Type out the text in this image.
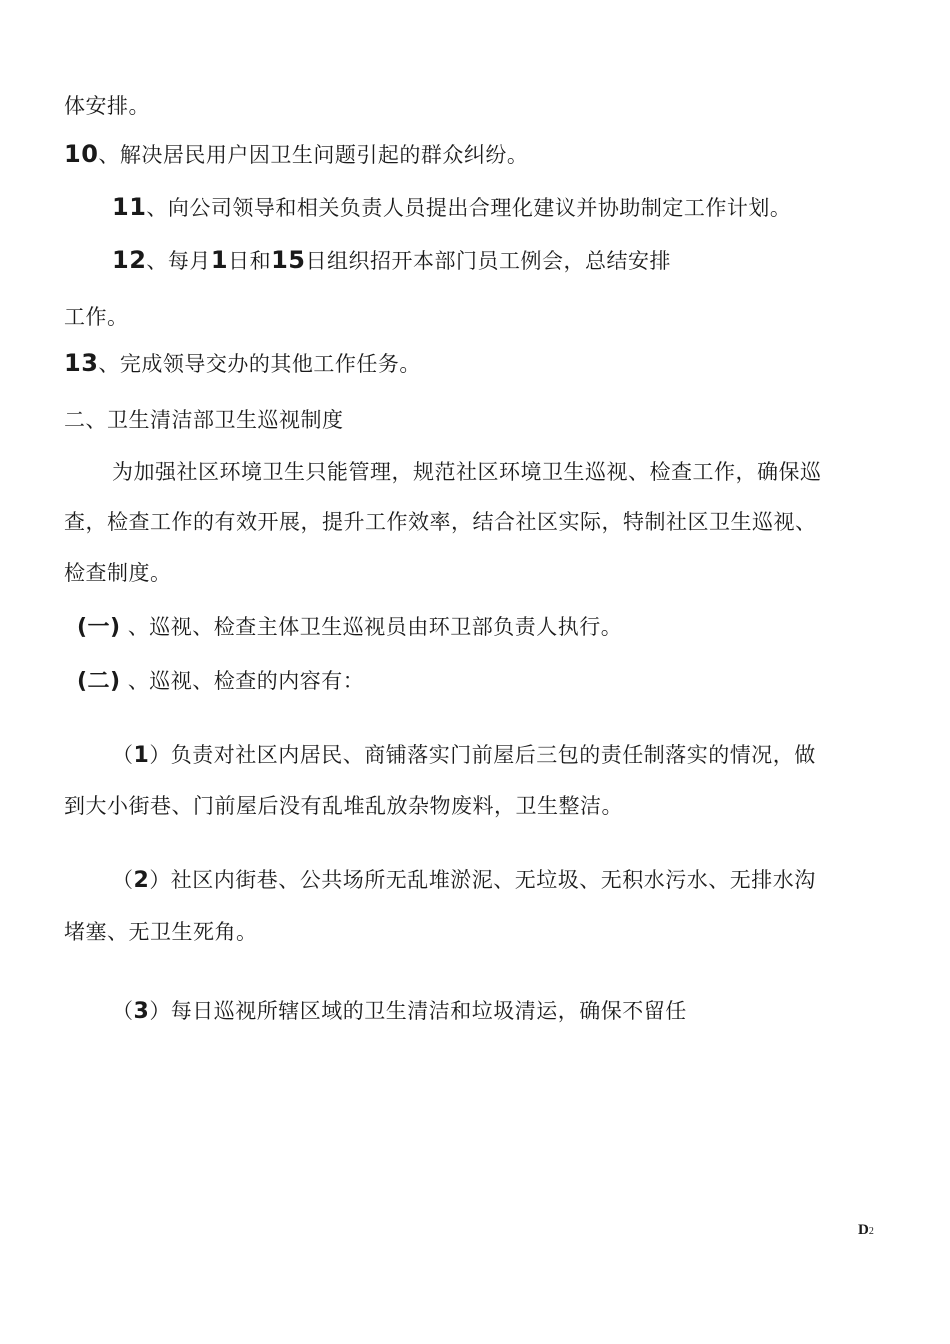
体安排。
10、解决居民用户因卫生问题引起的群众纠纷。
11、向公司领导和相关负责人员提出合理化建议并协助制定工作计划。
12、每月1日和15日组织招开本部门员工例会，总结安排
工作。
13、完成领导交办的其他工作任务。
二、卫生清洁部卫生巡视制度
为加强社区环境卫生只能管理，规范社区环境卫生巡视、检查工作，确保巡
查，检查工作的有效开展，提升工作效率，结合社区实际，特制社区卫生巡视、
检查制度。
(一) 、巡视、检查主体卫生巡视员由环卫部负责人执行。
(二) 、巡视、检查的内容有：
（1）负责对社区内居民、商铺落实门前屋后三包的责任制落实的情况，做
到大小街巷、门前屋后没有乱堆乱放杂物废料，卫生整洁。
（2）社区内街巷、公共场所无乱堆淤泥、无垃圾、无积水污水、无排水沟
堵塞、无卫生死角。
（3）每日巡视所辖区域的卫生清洁和垃圾清运，确保不留任
D2
